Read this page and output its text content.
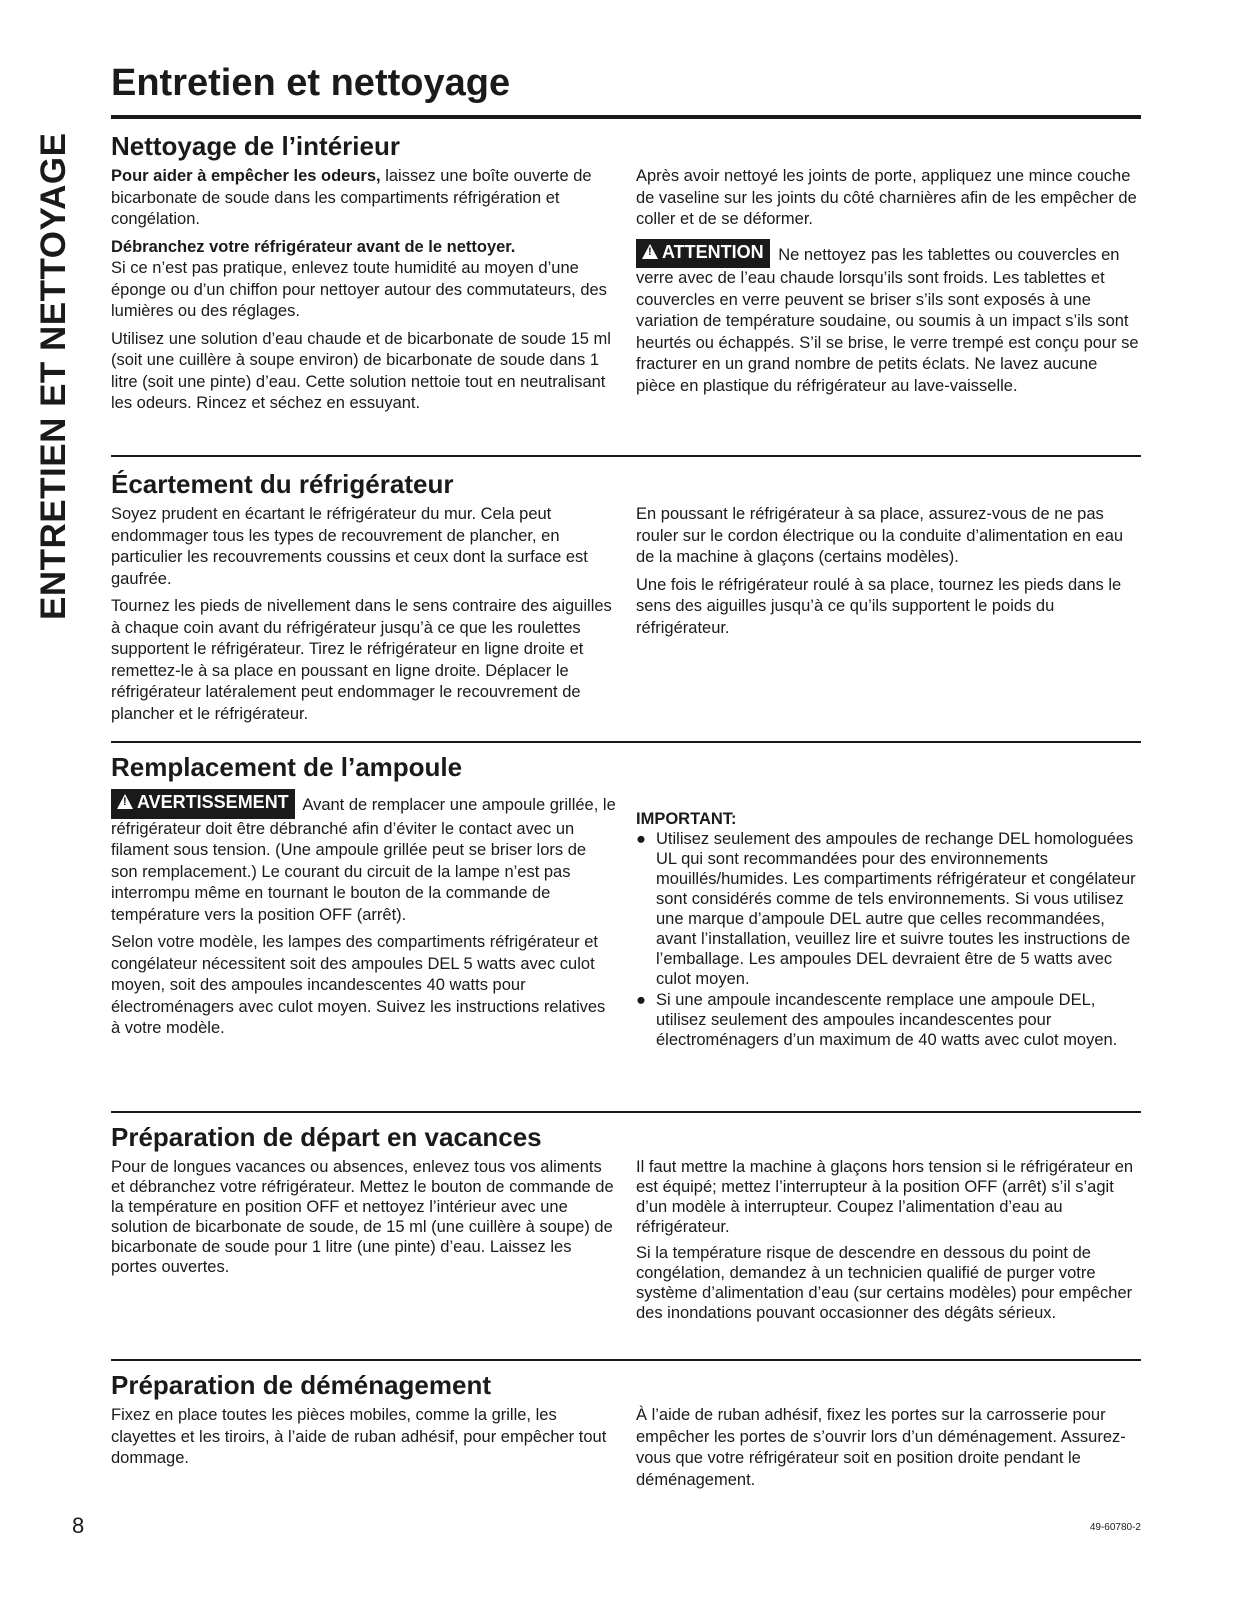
ENTRETIEN ET NETTOYAGE
Entretien et nettoyage
Nettoyage de l’intérieur

Pour aider à empêcher les odeurs, laissez une boîte ouverte de bicarbonate de soude dans les compartiments réfrigération et congélation.

Débranchez votre réfrigérateur avant de le nettoyer.
Si ce n’est pas pratique, enlevez toute humidité au moyen d’une éponge ou d’un chiffon pour nettoyer autour des commutateurs, des lumières ou des réglages.

Utilisez une solution d’eau chaude et de bicarbonate de soude 15 ml (soit une cuillère à soupe environ) de bicarbonate de soude dans 1 litre (soit une pinte) d’eau. Cette solution nettoie tout en neutralisant les odeurs. Rincez et séchez en essuyant.

Après avoir nettoyé les joints de porte, appliquez une mince couche de vaseline sur les joints du côté charnières afin de les empêcher de coller et de se déformer.

! ATTENTION Ne nettoyez pas les tablettes ou couvercles en verre avec de l’eau chaude lorsqu’ils sont froids. Les tablettes et couvercles en verre peuvent se briser s’ils sont exposés à une variation de température soudaine, ou soumis à un impact s’ils sont heurtés ou échappés. S’il se brise, le verre trempé est conçu pour se fracturer en un grand nombre de petits éclats. Ne lavez aucune pièce en plastique du réfrigérateur au lave-vaisselle.

Écartement du réfrigérateur

Soyez prudent en écartant le réfrigérateur du mur. Cela peut endommager tous les types de recouvrement de plancher, en particulier les recouvrements coussins et ceux dont la surface est gaufrée.

Tournez les pieds de nivellement dans le sens contraire des aiguilles à chaque coin avant du réfrigérateur jusqu’à ce que les roulettes supportent le réfrigérateur. Tirez le réfrigérateur en ligne droite et remettez-le à sa place en poussant en ligne droite. Déplacer le réfrigérateur latéralement peut endommager le recouvrement de plancher et le réfrigérateur.

En poussant le réfrigérateur à sa place, assurez-vous de ne pas rouler sur le cordon électrique ou la conduite d’alimentation en eau de la machine à glaçons (certains modèles).

Une fois le réfrigérateur roulé à sa place, tournez les pieds dans le sens des aiguilles jusqu’à ce qu’ils supportent le poids du réfrigérateur.

Remplacement de l’ampoule

! AVERTISSEMENT Avant de remplacer une ampoule grillée, le réfrigérateur doit être débranché afin d’éviter le contact avec un filament sous tension. (Une ampoule grillée peut se briser lors de son remplacement.) Le courant du circuit de la lampe n’est pas interrompu même en tournant le bouton de la commande de température vers la position OFF (arrêt).

Selon votre modèle, les lampes des compartiments réfrigérateur et congélateur nécessitent soit des ampoules DEL 5 watts avec culot moyen, soit des ampoules incandescentes 40 watts pour électroménagers avec culot moyen. Suivez les instructions relatives à votre modèle.

IMPORTANT:

● Utilisez seulement des ampoules de rechange DEL homologuées UL qui sont recommandées pour des environnements mouillés/humides. Les compartiments réfrigérateur et congélateur sont considérés comme de tels environnements. Si vous utilisez une marque d’ampoule DEL autre que celles recommandées, avant l’installation, veuillez lire et suivre toutes les instructions de l’emballage. Les ampoules DEL devraient être de 5 watts avec culot moyen.
● Si une ampoule incandescente remplace une ampoule DEL, utilisez seulement des ampoules incandescentes pour électroménagers d’un maximum de 40 watts avec culot moyen.
Préparation de départ en vacances

Pour de longues vacances ou absences, enlevez tous vos aliments et débranchez votre réfrigérateur. Mettez le bouton de commande de la température en position OFF et nettoyez l’intérieur avec une solution de bicarbonate de soude, de 15 ml (une cuillère à soupe) de bicarbonate de soude pour 1 litre (une pinte) d’eau. Laissez les portes ouvertes.

Il faut mettre la machine à glaçons hors tension si le réfrigérateur en est équipé; mettez l’interrupteur à la position OFF (arrêt) s’il s’agit d’un modèle à interrupteur. Coupez l’alimentation d’eau au réfrigérateur.

Si la température risque de descendre en dessous du point de congélation, demandez à un technicien qualifié de purger votre système d’alimentation d’eau (sur certains modèles) pour empêcher des inondations pouvant occasionner des dégâts sérieux.

Préparation de déménagement

Fixez en place toutes les pièces mobiles, comme la grille, les clayettes et les tiroirs, à l’aide de ruban adhésif, pour empêcher tout dommage.

À l’aide de ruban adhésif, fixez les portes sur la carrosserie pour empêcher les portes de s’ouvrir lors d’un déménagement. Assurez-vous que votre réfrigérateur soit en position droite pendant le déménagement.

8	49-60780-2
